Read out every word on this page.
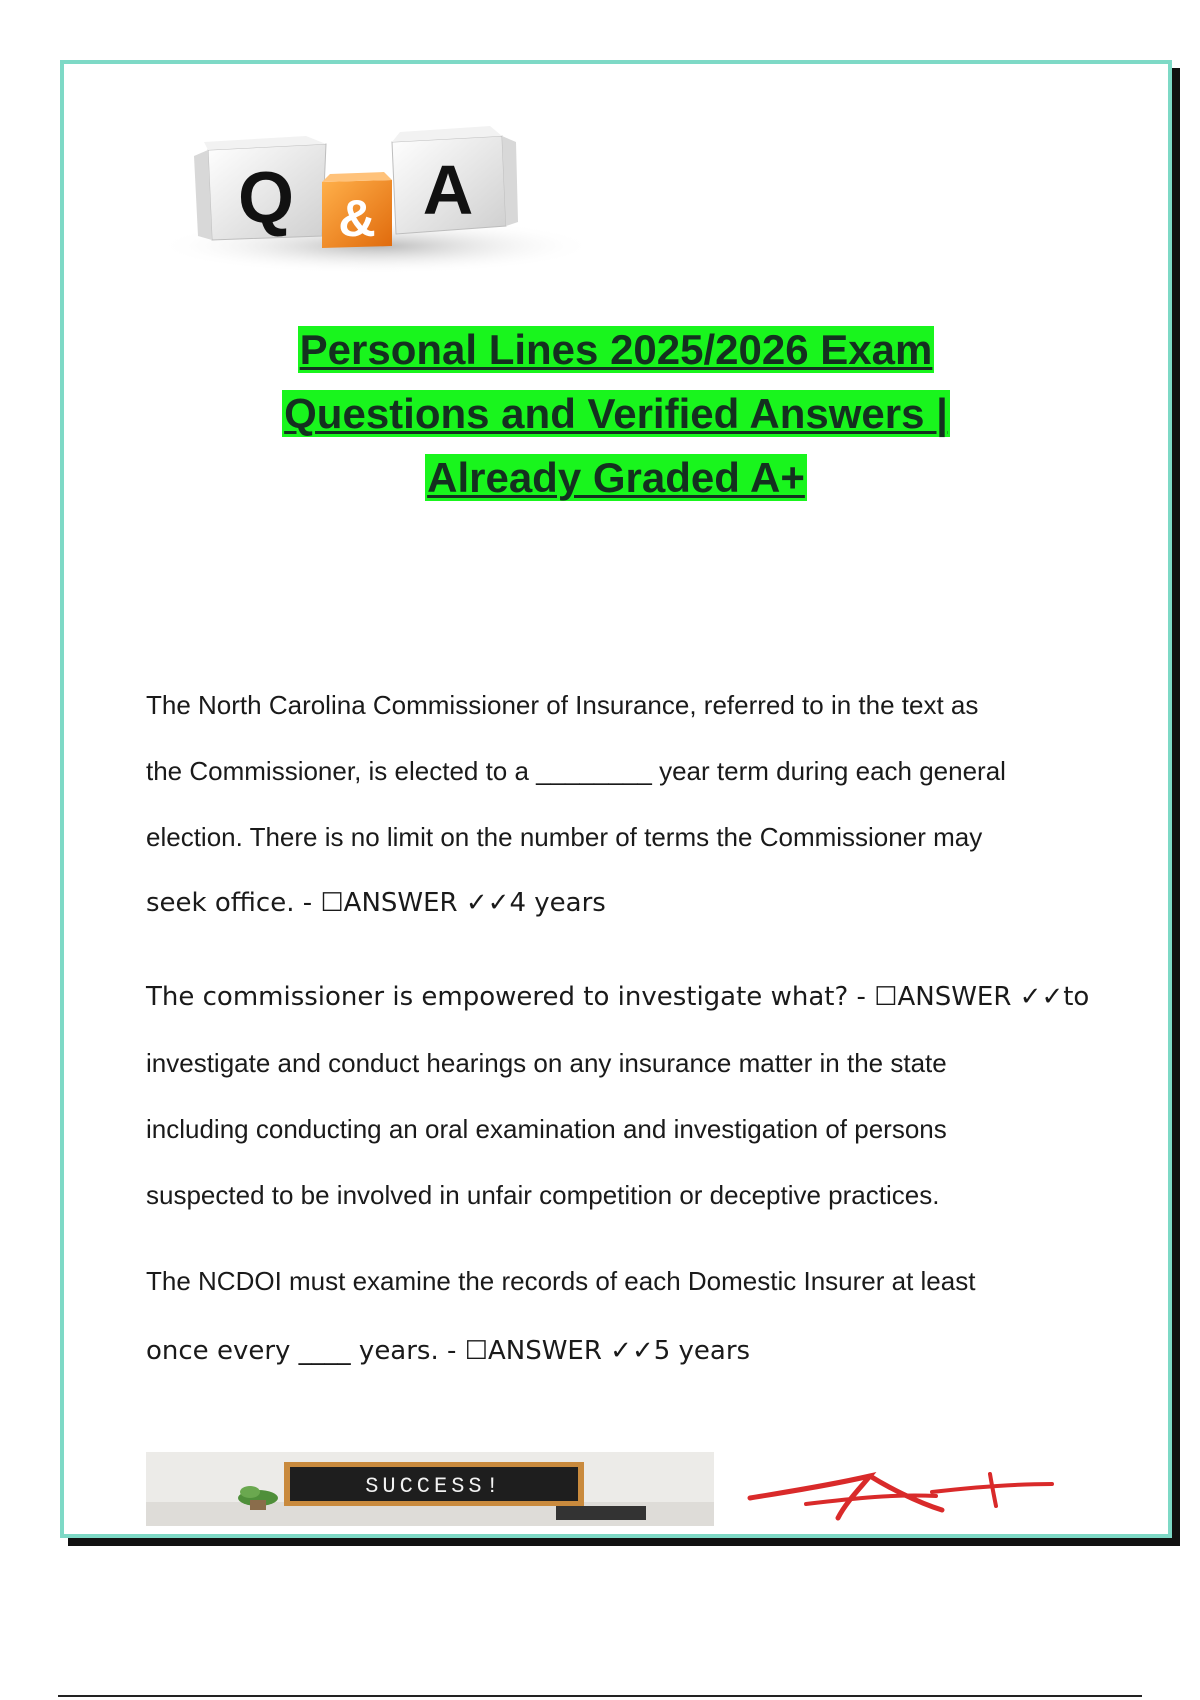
Q & A
Personal Lines 2025/2026 Exam
Questions and Verified Answers |
Already Graded A+
The North Carolina Commissioner of Insurance, referred to in the text as
the Commissioner, is elected to a ________ year term during each general
election. There is no limit on the number of terms the Commissioner may
seek office. - ☐ANSWER ✓✓4 years
The commissioner is empowered to investigate what? - ☐ANSWER ✓✓to
investigate and conduct hearings on any insurance matter in the state
including conducting an oral examination and investigation of persons
suspected to be involved in unfair competition or deceptive practices.
The NCDOI must examine the records of each Domestic Insurer at least
once every ____ years. - ☐ANSWER ✓✓5 years
SUCCESS!
A+
